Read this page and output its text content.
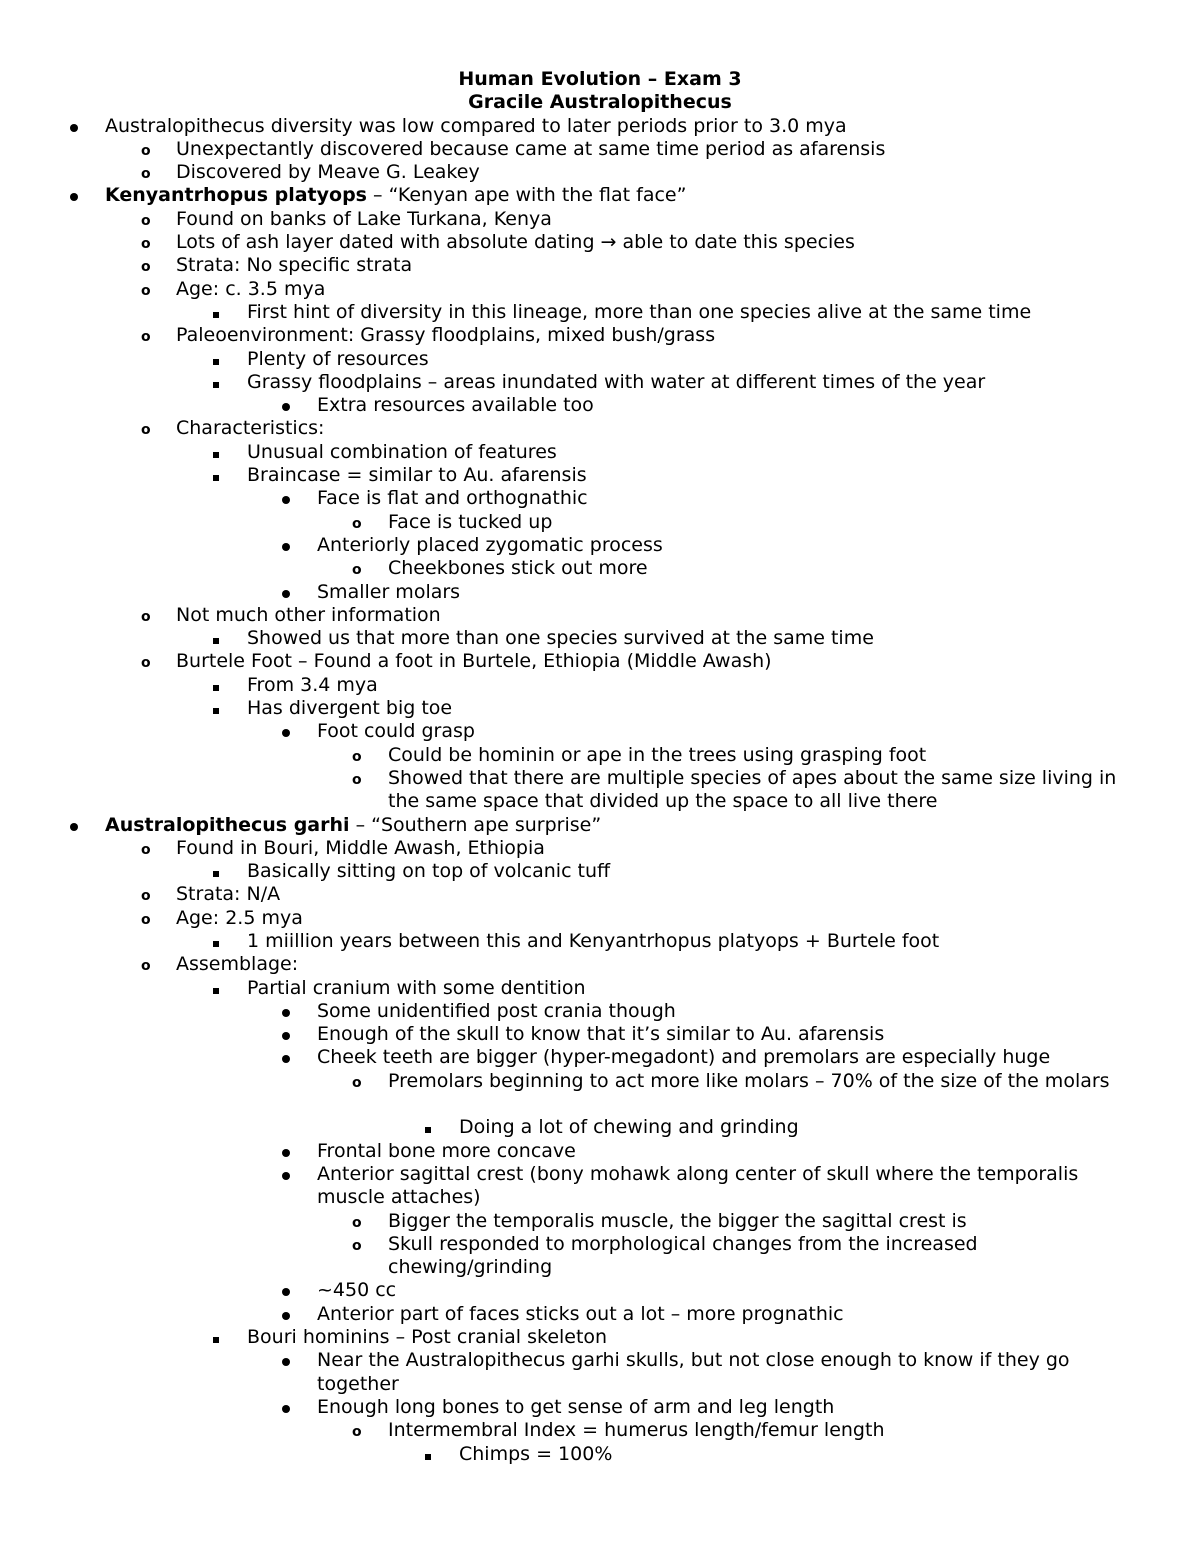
Human Evolution – Exam 3
Gracile Australopithecus
Australopithecus diversity was low compared to later periods prior to 3.0 mya
o Unexpectantly discovered because came at same time period as afarensis
o Discovered by Meave G. Leakey
Kenyantrhopus platyops – “Kenyan ape with the flat face”
o Found on banks of Lake Turkana, Kenya
o Lots of ash layer dated with absolute dating → able to date this species
o Strata: No specific strata
o Age: c. 3.5 mya
First hint of diversity in this lineage, more than one species alive at the same time
o Paleoenvironment: Grassy floodplains, mixed bush/grass
Plenty of resources
Grassy floodplains – areas inundated with water at different times of the year
Extra resources available too
o Characteristics:
Unusual combination of features
Braincase = similar to Au. afarensis
Face is flat and orthognathic
o Face is tucked up
Anteriorly placed zygomatic process
o Cheekbones stick out more
Smaller molars
o Not much other information
Showed us that more than one species survived at the same time
o Burtele Foot – Found a foot in Burtele, Ethiopia (Middle Awash)
From 3.4 mya
Has divergent big toe
Foot could grasp
o Could be hominin or ape in the trees using grasping foot
o Showed that there are multiple species of apes about the same size living in the same space that divided up the space to all live there
Australopithecus garhi – “Southern ape surprise”
o Found in Bouri, Middle Awash, Ethiopia
Basically sitting on top of volcanic tuff
o Strata: N/A
o Age: 2.5 mya
1 miillion years between this and Kenyantrhopus platyops + Burtele foot
o Assemblage:
Partial cranium with some dentition
Some unidentified post crania though
Enough of the skull to know that it’s similar to Au. afarensis
Cheek teeth are bigger (hyper-megadont) and premolars are especially huge
o Premolars beginning to act more like molars – 70% of the size of the molars
Doing a lot of chewing and grinding
Frontal bone more concave
Anterior sagittal crest (bony mohawk along center of skull where the temporalis muscle attaches)
o Bigger the temporalis muscle, the bigger the sagittal crest is
o Skull responded to morphological changes from the increased chewing/grinding
~450 cc
Anterior part of faces sticks out a lot – more prognathic
Bouri hominins – Post cranial skeleton
Near the Australopithecus garhi skulls, but not close enough to know if they go together
Enough long bones to get sense of arm and leg length
o Intermembral Index = humerus length/femur length
Chimps = 100%
